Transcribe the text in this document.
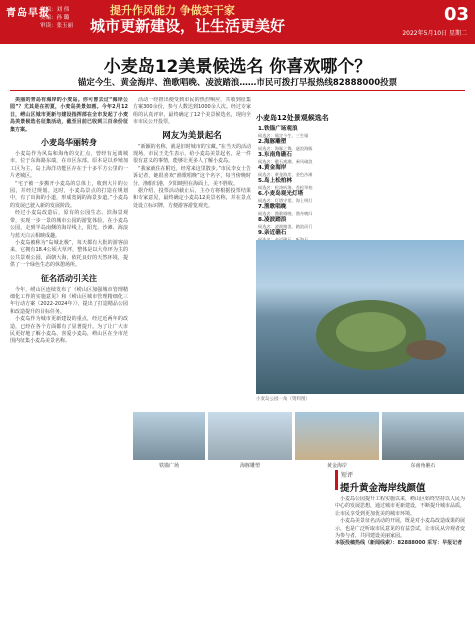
青岛早报
责编：刘 伟
美编：孙 璐
审读：张玉丽
提升作风能力 争做实干家
城市更新建设，让生活更美好
03
2022年5月10日 星期二
小麦岛12美景候选名 你喜欢哪个？
锚定今生、黄金海岸、渔歌唱晚、凌波踏浪……市民可拨打早报热线82888000投票

美丽的青岛有海岸的小麦岛。你可曾去过“海岸公园”？尤其是在初夏，小麦岛美景如画。今年2月12日，崂山区城市更新与建设指挥部在全市发起了小麦岛美景候选名征集活动，截至目前已收到三百余份征集方案。

小麦岛华丽转身

小麦岛作为风岛和海角的交汇点，曾经有远离城市，位于东海路东端，在市区东部。原本是以养殖加工区为主，岛上海洋功能区存在于十多平方公里的一片老城区。

“宅子被一步搬开小麦岛的总体上，收到大片的公园，并经过规划。这时，小麦岛景点的打造在规划中，有了出海的小道，形成宽阔的海景步道。”小麦岛的发展已驶入新的发展阶段。

经过小麦岛改造后，原有的公园生态、滨海景观带，实现一步一景的城市公园的游览体验。在小麦岛公园，走到半岛南侧的海岸线上，阳光、沙滩、海浪与蓝天白云相映成趣。

小麦岛被称为“岛城北极”，每天都有大批的游客前来，它拥有18.4公顷大草坪，整体是以大草坪为主的公共景观公园，面朝大海，依托良好的天然环境，提供了一个绿色生态的休憩场所。

征名活动引关注

今年，崂山区连续发布了《崂山区加强城市管理精细化工作的实施意见》和《崂山区城市管理精细化三年行动方案（2022-2024年）》，提出了打造精品公园和改造提升的目标任务。

小麦岛作为城市更新建设的重点，经过近两年的改造，已经在各个方面都有了显著提升。为了让广大市民更好地了解小麦岛、喜爱小麦岛，崂山区在全市范围内征集小麦岛美景名称。

活动一经推出便受到市民的热烈响应，共收到征集方案300余份，参与人数达到1000余人次。经过专家组的认真评审，最终确定了12个美景候选名，现向全市市民公开投票。

网友为美景起名

“新颖的名称，就是旧时城市的宝藏。”在当天的活动现场，市民王先生表示，给小麦岛美景起名，是一件很有意义的事情，能够让更多人了解小麦岛。

“我家就住在附近，经常来这里散步。”市民李女士告诉记者，她很喜欢“渔歌唱晚”这个名字，每当傍晚时分，渔船归港，夕阳映照在海面上，美不胜收。

据介绍，投票活动截止后，主办方将根据投票结果和专家意见，最终确定小麦岛12美景名称，并在景点处设立标识牌，方便游客游览观光。

小麦岛12处景观候选名
1.铁锚广场观浪
候选名：锚定今生、三生锚
2.海豚雕塑
候选名：海豚之舞、逐浪海豚
3.东南角礁石
候选名：礁石观潮、乘风破浪
4.黄金海岸
候选名：黄金海岸、金色沙滩
5.岛上松柏林
候选名：松涛听海、苍松翠柏
6.小麦岛观光灯塔
候选名：灯塔守望、海上明灯
7.渔歌唱晚
候选名：渔歌唱晚、渔舟晚归
8.凌波踏浪
候选名：凌波踏浪、踏浪而行
9.亲近礁石
小麦岛公园一角（资料图）
铁锚广场	海豚雕塑	黄金海岸	东南角礁石
短评
提升黄金海岸线颜值

小麦岛公园提升工程实施以来，崂山区始终坚持以人民为中心的发展思想，通过城市更新建设，不断提升城市品质，让市民享受到更加优美的城市环境。

小麦岛美景征名活动的开展，既是对小麦岛改造成果的展示，也是广泛听取市民意见的有益尝试，让市民从旁观者变为参与者，共同建设美丽家园。

本版投稿热线（新闻线索）：82888000 采写：早报记者
